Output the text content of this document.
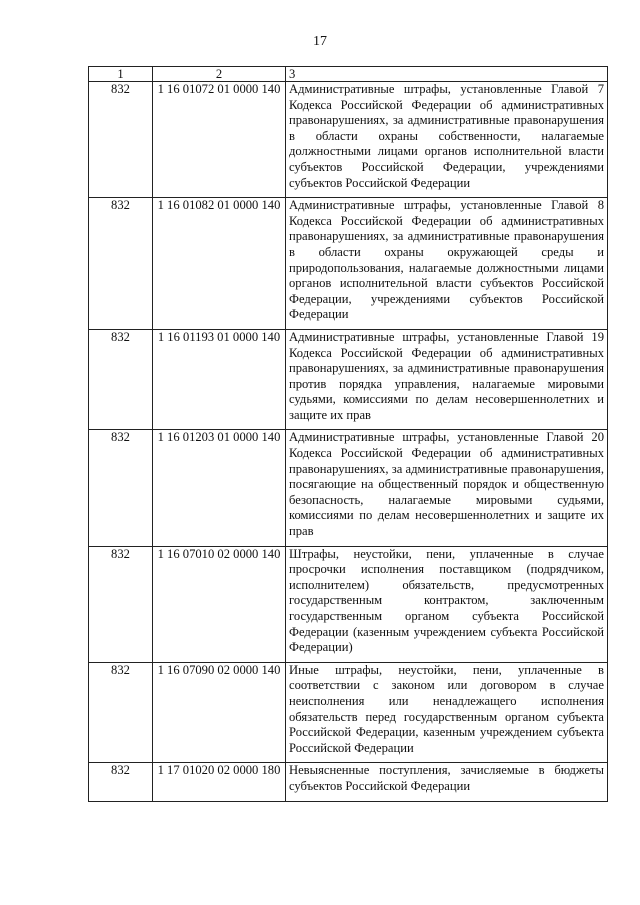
17
1	2	3
832	1 16 01072 01 0000 140	Административные штрафы, установленные Главой 7 Кодекса Российской Федерации об административных правонарушениях, за административные правонарушения в области охраны собственности, налагаемые должностными лицами органов исполнительной власти субъектов Российской Федерации, учреждениями субъектов Российской Федерации
832	1 16 01082 01 0000 140	Административные штрафы, установленные Главой 8 Кодекса Российской Федерации об административных правонарушениях, за административные правонарушения в области охраны окружающей среды и природопользования, налагаемые должностными лицами органов исполнительной власти субъектов Российской Федерации, учреждениями субъектов Российской Федерации
832	1 16 01193 01 0000 140	Административные штрафы, установленные Главой 19 Кодекса Российской Федерации об административных правонарушениях, за административные правонарушения против порядка управления, налагаемые мировыми судьями, комиссиями по делам несовершеннолетних и защите их прав
832	1 16 01203 01 0000 140	Административные штрафы, установленные Главой 20 Кодекса Российской Федерации об административных правонарушениях, за административные правонарушения, посягающие на общественный порядок и общественную безопасность, налагаемые мировыми судьями, комиссиями по делам несовершеннолетних и защите их прав
832	1 16 07010 02 0000 140	Штрафы, неустойки, пени, уплаченные в случае просрочки исполнения поставщиком (подрядчиком, исполнителем) обязательств, предусмотренных государственным контрактом, заключенным государственным органом субъекта Российской Федерации (казенным учреждением субъекта Российской Федерации)
832	1 16 07090 02 0000 140	Иные штрафы, неустойки, пени, уплаченные в соответствии с законом или договором в случае неисполнения или ненадлежащего исполнения обязательств перед государственным органом субъекта Российской Федерации, казенным учреждением субъекта Российской Федерации
832	1 17 01020 02 0000 180	Невыясненные поступления, зачисляемые в бюджеты субъектов Российской Федерации
